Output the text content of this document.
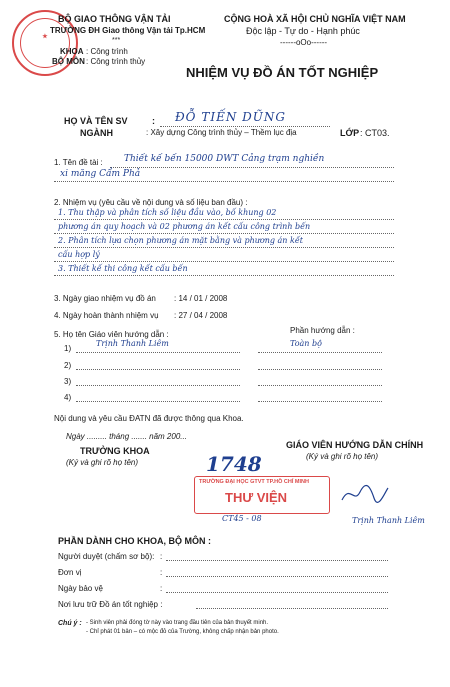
★
BỘ GIAO THÔNG VẬN TẢI
TRƯỜNG ĐH Giao thông Vận tải Tp.HCM
***
KHOA : Công trình
BỘ MÔN : Công trình thủy
CỘNG HOÀ XÃ HỘI CHỦ NGHĨA VIỆT NAM
Độc lập - Tự do - Hạnh phúc
------oOo------
NHIỆM VỤ ĐỒ ÁN TỐT NGHIỆP
HỌ VÀ TÊN SV	: ĐỖ TIẾN DŨNG
NGÀNH	: Xây dựng Công trình thủy – Thềm lục địa	LỚP : CT03.
1. Tên đề tài : Thiết kế bến 15000 DWT Cảng trạm nghiền
xi măng Cẩm Phả
2. Nhiệm vụ (yêu cầu về nội dung và số liệu ban đầu) :
1. Thu thập và phân tích số liệu đầu vào, bố khung 02
phương án quy hoạch và 02 phương án kết cấu công trình bến
2. Phân tích lựa chọn phương án mặt bằng và phương án kết
cấu hợp lý
3. Thiết kế thi công kết cấu bến
3. Ngày giao nhiệm vụ đồ án : 14 / 01 / 2008
4. Ngày hoàn thành nhiệm vụ : 27 / 04 / 2008
5. Họ tên Giáo viên hướng dẫn :	Phần hướng dẫn :
1)
Trịnh Thanh Liêm	Toàn bộ
2)
3)
4)
Nội dung và yêu cầu ĐATN đã được thông qua Khoa.
Ngày ......... tháng ....... năm 200...
TRƯỞNG KHOA
(Ký và ghi rõ họ tên)
GIÁO VIÊN HƯỚNG DẪN CHÍNH
(Ký và ghi rõ họ tên)
1748
TRƯỜNG ĐẠI HỌC GTVT TP.HỒ CHÍ MINH
THƯ VIỆN
CT45 - 08	Trịnh Thanh Liêm
PHẦN DÀNH CHO KHOA, BỘ MÔN :
Người duyệt (chấm sơ bộ): :
Đơn vị	:
Ngày bảo vệ	:
Nơi lưu trữ Đồ án tốt nghiệp :
Chú ý : - Sinh viên phải đóng tờ này vào trang đầu tiên của bản thuyết minh.
- Chỉ phát 01 bản – có mộc đỏ của Trường, không chấp nhận bản photo.
